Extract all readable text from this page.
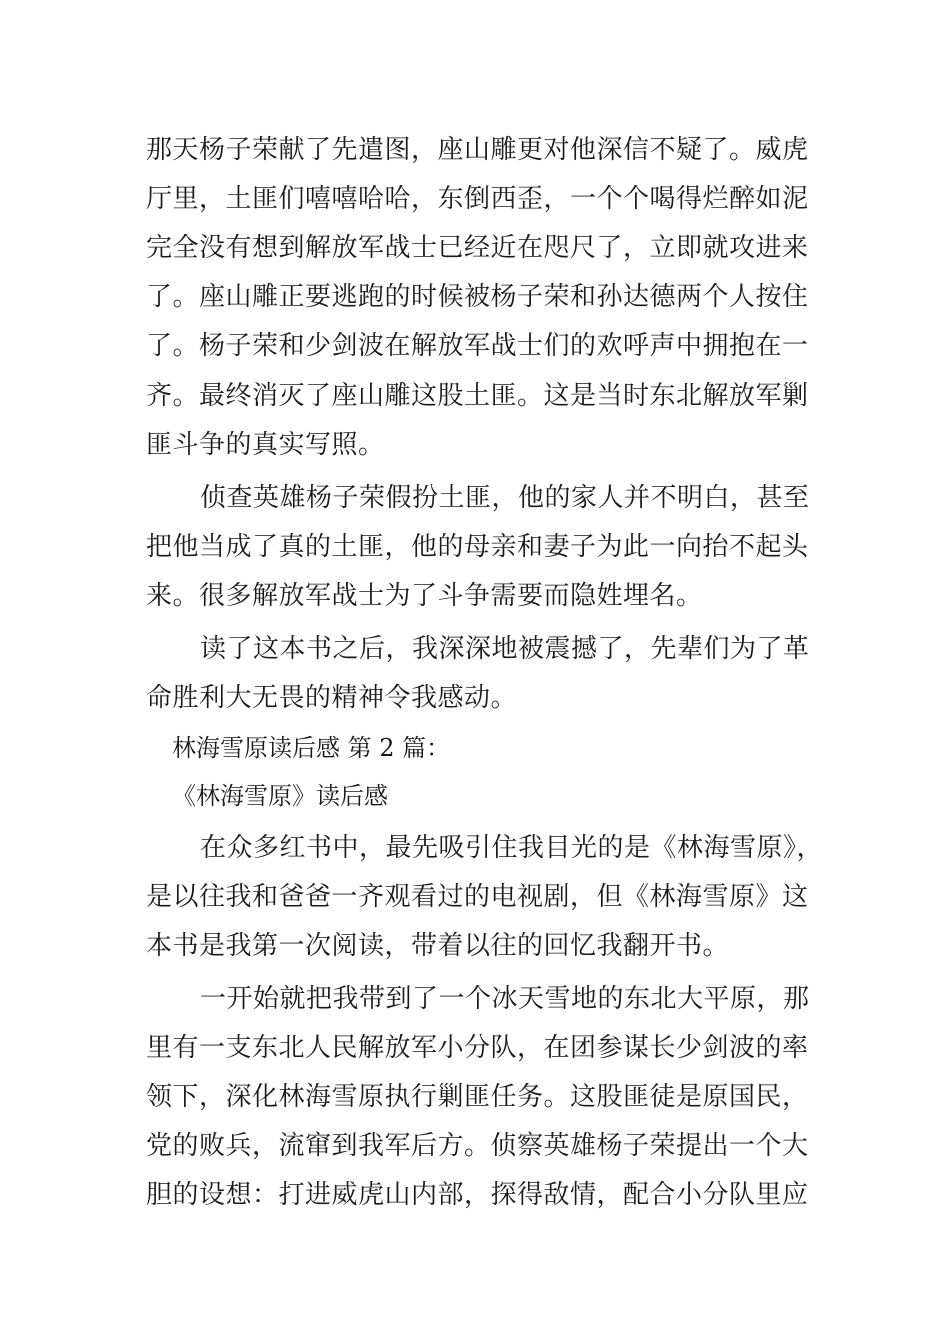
那天杨子荣献了先遣图，座山雕更对他深信不疑了。威虎
厅里，土匪们嘻嘻哈哈，东倒西歪，一个个喝得烂醉如泥
完全没有想到解放军战士已经近在咫尺了，立即就攻进来
了。座山雕正要逃跑的时候被杨子荣和孙达德两个人按住
了。杨子荣和少剑波在解放军战士们的欢呼声中拥抱在一
齐。最终消灭了座山雕这股土匪。这是当时东北解放军剿
匪斗争的真实写照。
侦查英雄杨子荣假扮土匪，他的家人并不明白，甚至
把他当成了真的土匪，他的母亲和妻子为此一向抬不起头
来。很多解放军战士为了斗争需要而隐姓埋名。
读了这本书之后，我深深地被震撼了，先辈们为了革
命胜利大无畏的精神令我感动。
林海雪原读后感 第 2 篇：
《林海雪原》读后感
在众多红书中，最先吸引住我目光的是《林海雪原》，
是以往我和爸爸一齐观看过的电视剧，但《林海雪原》这
本书是我第一次阅读，带着以往的回忆我翻开书。
一开始就把我带到了一个冰天雪地的东北大平原，那
里有一支东北人民解放军小分队，在团参谋长少剑波的率
领下，深化林海雪原执行剿匪任务。这股匪徒是原国民，
党的败兵，流窜到我军后方。侦察英雄杨子荣提出一个大
胆的设想：打进威虎山内部，探得敌情，配合小分队里应
